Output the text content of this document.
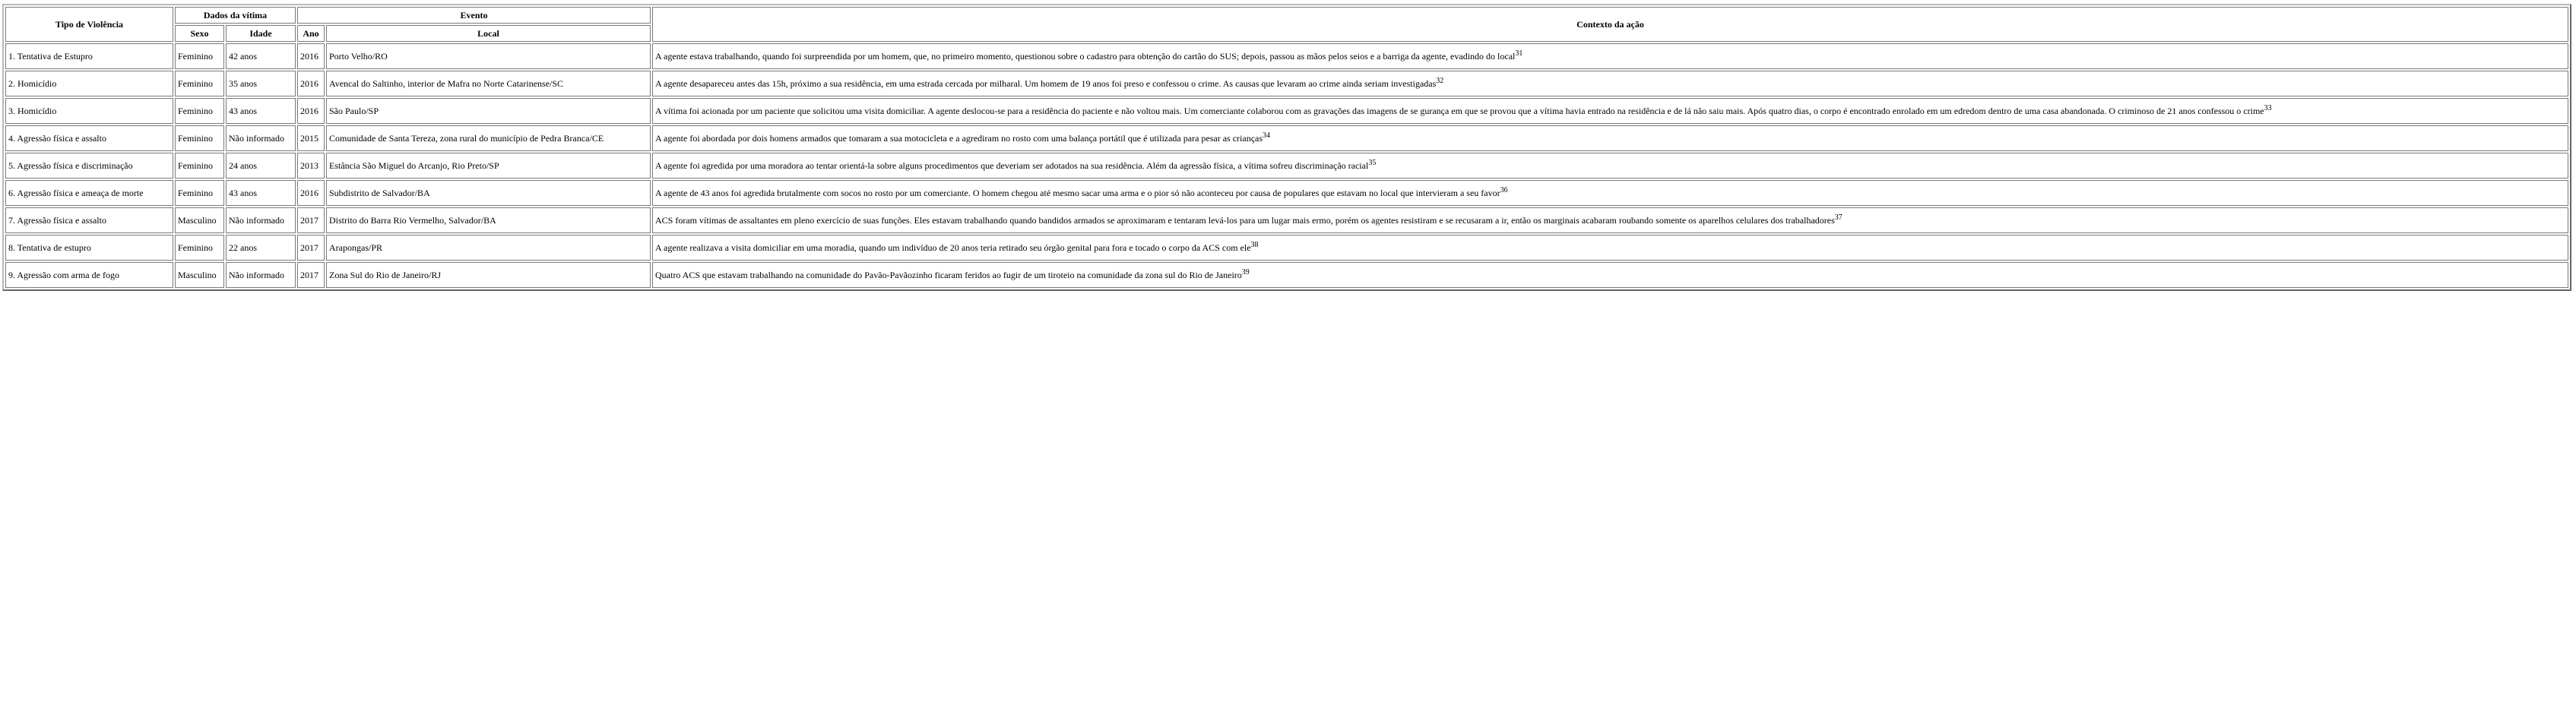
Tipo de Violência	Dados da vítima		Evento		Contexto da ação
	Sexo	Idade	Ano	Local	
1. Tentativa de Estupro	Feminino	42 anos	2016	Porto Velho/RO	A agente estava trabalhando, quando foi surpreendida por um homem, que, no primeiro momento, questionou sobre o cadastro para obtenção do cartão do SUS; depois, passou as mãos pelos seios e a barriga da agente, evadindo do local$^{31}$
2. Homicídio	Feminino	35 anos	2016	Avencal do Saltinho, interior de Mafra no Norte Catarinense/SC	A agente desapareceu antes das 15h, próximo a sua residência, em uma estrada cercada por milharal. Um homem de 19 anos foi preso e confessou o crime. As causas que levaram ao crime ainda seriam investigadas$^{32}$
3. Homicídio	Feminino	43 anos	2016	São Paulo/SP	A vítima foi acionada por um paciente que solicitou uma visita domiciliar. A agente deslocou-se para a residência do paciente e não voltou mais. Um comerciante colaborou com as gravações das imagens de se gurança em que se provou que a vítima havia entrado na residência e de lá não saiu mais. Após quatro dias, o corpo é encontrado enrolado em um edredom dentro de uma casa abandonada. O criminoso de 21 anos confessou o crime$^{33}$
4. Agressão física e assalto	Feminino	Não informado	2015	Comunidade de Santa Tereza, zona rural do município de Pedra Branca/CE	A agente foi abordada por dois homens armados que tomaram a sua motocicleta e a agrediram no rosto com uma balança portátil que é utilizada para pesar as crianças$^{34}$
5. Agressão física e discriminação	Feminino	24 anos	2013	Estância São Miguel do Arcanjo, Rio Preto/SP	A agente foi agredida por uma moradora ao tentar orientá-la sobre alguns procedimentos que deveriam ser adotados na sua residência. Além da agressão física, a vítima sofreu discriminação racial$^{35}$
6. Agressão física e ameaça de morte	Feminino	43 anos	2016	Subdistrito de Salvador/BA	A agente de 43 anos foi agredida brutalmente com socos no rosto por um comerciante. O homem chegou até mesmo sacar uma arma e o pior só não aconteceu por causa de populares que estavam no local que intervieram a seu favor$^{36}$
7. Agressão física e assalto	Masculino	Não informado	2017	Distrito do Barra Rio Vermelho, Salvador/BA	ACS foram vítimas de assaltantes em pleno exercício de suas funções. Eles estavam trabalhando quando bandidos armados se aproximaram e tentaram levá-los para um lugar mais ermo, porém os agentes resistiram e se recusaram a ir, então os marginais acabaram roubando somente os aparelhos celulares dos trabalhadores$^{37}$
8. Tentativa de estupro	Feminino	22 anos	2017	Arapongas/PR	A agente realizava a visita domiciliar em uma moradia, quando um indivíduo de 20 anos teria retirado seu órgão genital para fora e tocado o corpo da ACS com ele$^{38}$
9. Agressão com arma de fogo	Masculino	Não informado	2017	Zona Sul do Rio de Janeiro/RJ	Quatro ACS que estavam trabalhando na comunidade do Pavão-Pavãozinho ficaram feridos ao fugir de um tiroteio na comunidade da zona sul do Rio de Janeiro$^{39}$
